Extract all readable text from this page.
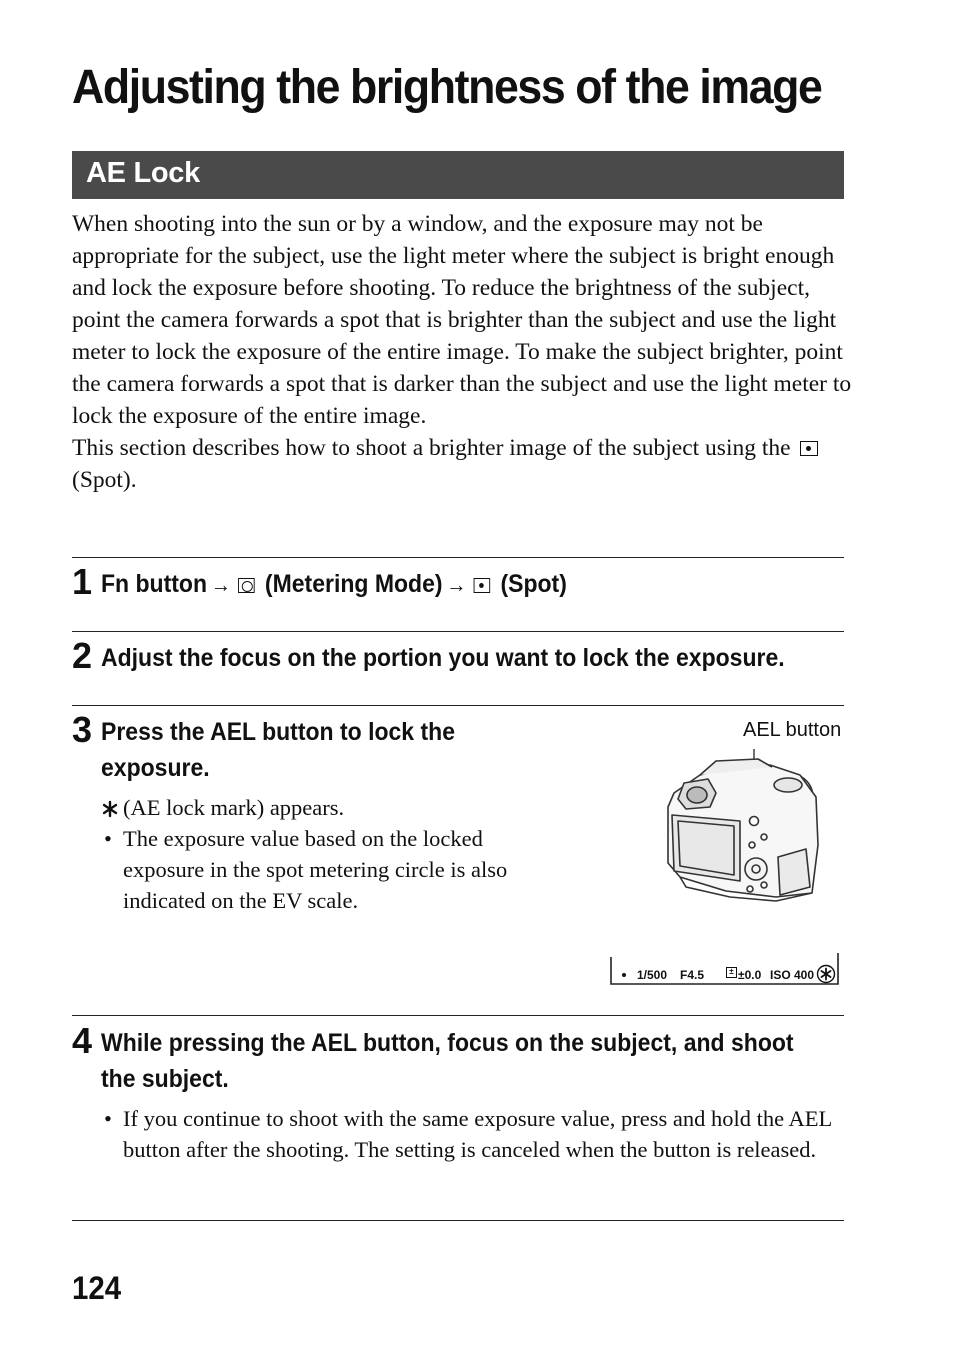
Adjusting the brightness of the image
AE Lock

When shooting into the sun or by a window, and the exposure may not be appropriate for the subject, use the light meter where the subject is bright enough and lock the exposure before shooting. To reduce the brightness of the subject, point the camera forwards a spot that is brighter than the subject and use the light meter to lock the exposure of the entire image. To make the subject brighter, point the camera forwards a spot that is darker than the subject and use the light meter to lock the exposure of the entire image.

This section describes how to shoot a brighter image of the subject using the (Spot).

1 Fn button → (Metering Mode) → (Spot)
2 Adjust the focus on the portion you want to lock the exposure.
3 Press the AEL button to lock the
exposure.
(AE lock mark) appears.
• The exposure value based on the locked exposure in the spot metering circle is also indicated on the EV scale.
AEL button
1/500 F4.5	± ±0.0 ISO 400
4 While pressing the AEL button, focus on the subject, and shoot
the subject.
• If you continue to shoot with the same exposure value, press and hold the AEL button after the shooting. The setting is canceled when the button is released.
124
